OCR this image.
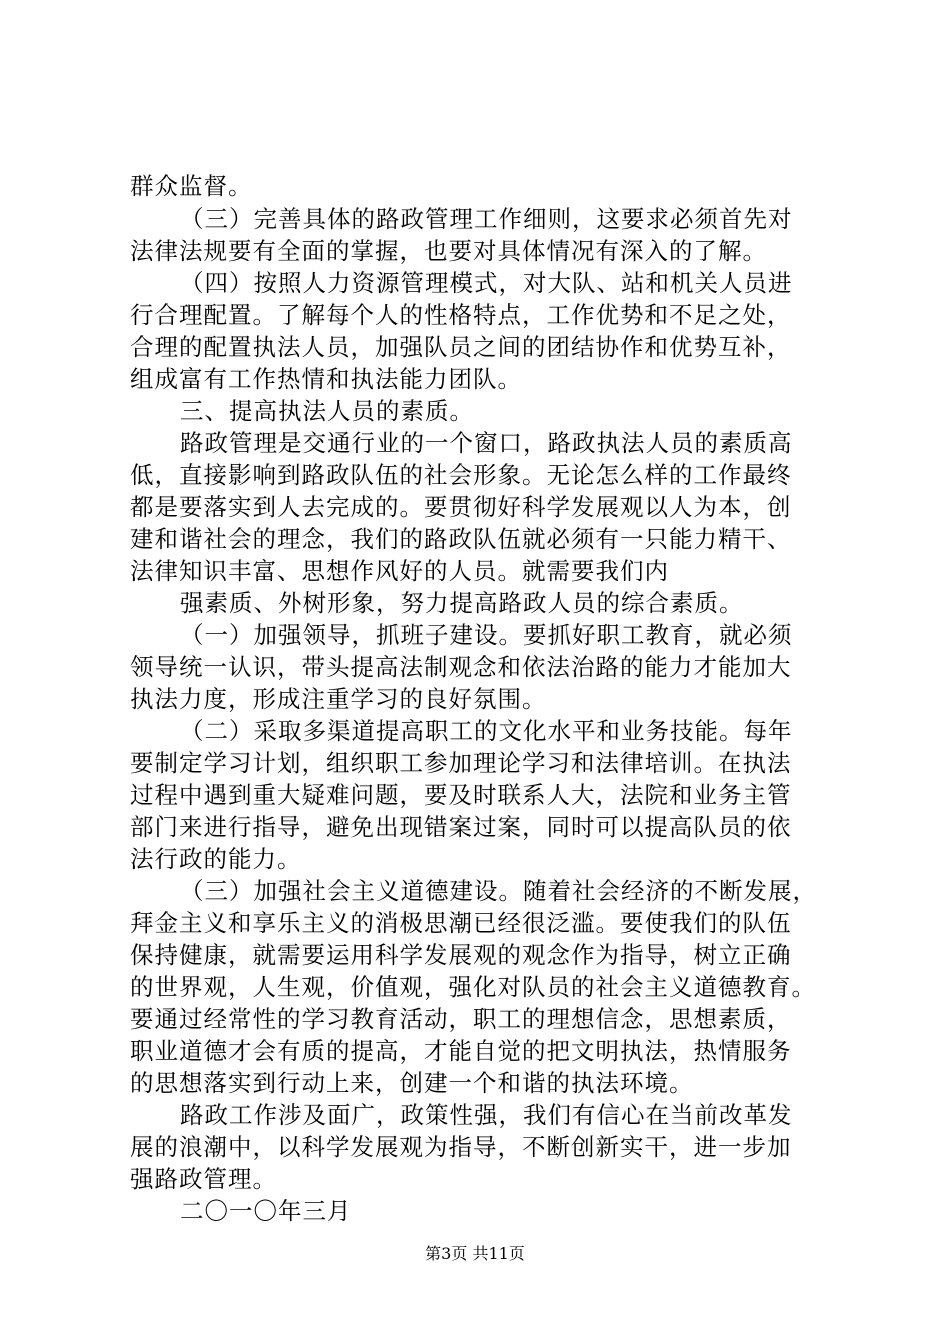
群众监督。
（三）完善具体的路政管理工作细则，这要求必须首先对
法律法规要有全面的掌握，也要对具体情况有深入的了解。
（四）按照人力资源管理模式，对大队、站和机关人员进
行合理配置。了解每个人的性格特点，工作优势和不足之处，
合理的配置执法人员，加强队员之间的团结协作和优势互补，
组成富有工作热情和执法能力团队。
三、提高执法人员的素质。
路政管理是交通行业的一个窗口，路政执法人员的素质高
低，直接影响到路政队伍的社会形象。无论怎么样的工作最终
都是要落实到人去完成的。要贯彻好科学发展观以人为本，创
建和谐社会的理念，我们的路政队伍就必须有一只能力精干、
法律知识丰富、思想作风好的人员。就需要我们内
强素质、外树形象，努力提高路政人员的综合素质。
（一）加强领导，抓班子建设。要抓好职工教育，就必须
领导统一认识，带头提高法制观念和依法治路的能力才能加大
执法力度，形成注重学习的良好氛围。
（二）采取多渠道提高职工的文化水平和业务技能。每年
要制定学习计划，组织职工参加理论学习和法律培训。在执法
过程中遇到重大疑难问题，要及时联系人大，法院和业务主管
部门来进行指导，避免出现错案过案，同时可以提高队员的依
法行政的能力。
（三）加强社会主义道德建设。随着社会经济的不断发展，
拜金主义和享乐主义的消极思潮已经很泛滥。要使我们的队伍
保持健康，就需要运用科学发展观的观念作为指导，树立正确
的世界观，人生观，价值观，强化对队员的社会主义道德教育。
要通过经常性的学习教育活动，职工的理想信念，思想素质，
职业道德才会有质的提高，才能自觉的把文明执法，热情服务
的思想落实到行动上来，创建一个和谐的执法环境。
路政工作涉及面广，政策性强，我们有信心在当前改革发
展的浪潮中，以科学发展观为指导，不断创新实干，进一步加
强路政管理。
二〇一〇年三月
第3页 共11页
